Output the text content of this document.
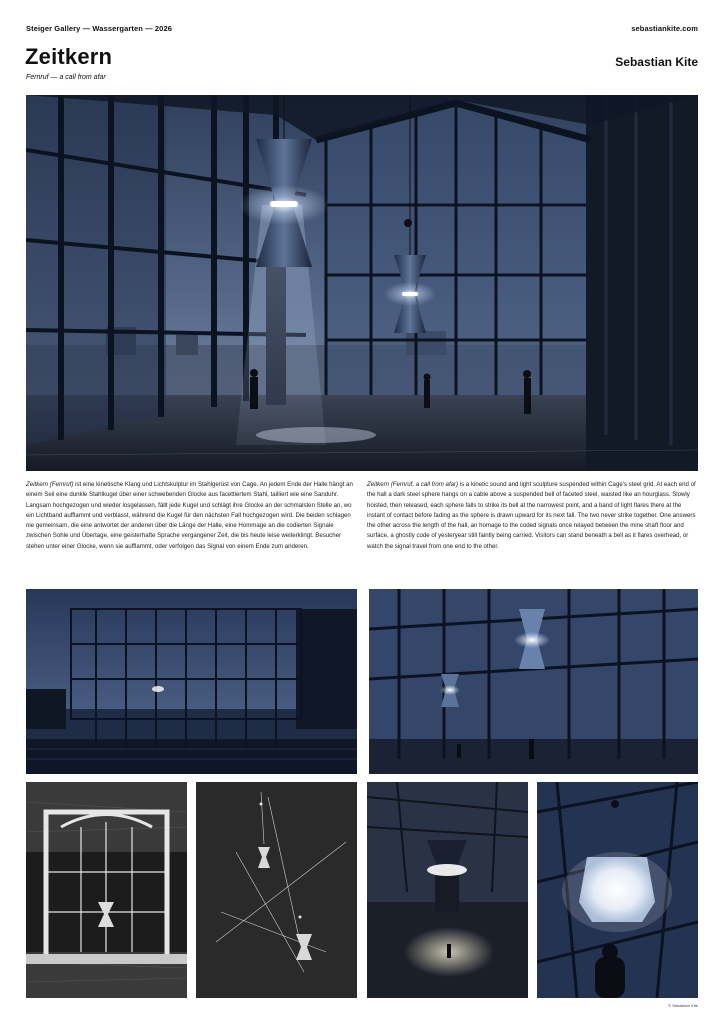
Steiger Gallery — Wassergarten — 2026	sebastiankite.com
Zeitkern
Fernruf — a call from afar
Sebastian Kite
Zeitkern (Fernruf) ist eine kinetische Klang und Lichtskulptur im Stahlgerüst von Cage. An jedem Ende der Halle hängt an einem Seil eine dunkle Stahlkugel über einer schwebenden Glocke aus facettiertem Stahl, tailliert wie eine Sanduhr. Langsam hochgezogen und wieder losgelassen, fällt jede Kugel und schlägt ihre Glocke an der schmalsten Stelle an, wo ein Lichtband aufflammt und verblasst, während die Kugel für den nächsten Fall hochgezogen wird. Die beiden schlagen nie gemeinsam, die eine antwortet der anderen über die Länge der Halle, eine Hommage an die codierten Signale zwischen Sohle und Übertage, eine geisterhafte Sprache vergangener Zeit, die bis heute leise weiterklingt. Besucher stehen unter einer Glocke, wenn sie aufflammt, oder verfolgen das Signal von einem Ende zum anderen.
Zeitkern (Fernruf, a call from afar) is a kinetic sound and light sculpture suspended within Cage's steel grid. At each end of the hall a dark steel sphere hangs on a cable above a suspended bell of faceted steel, waisted like an hourglass. Slowly hoisted, then released, each sphere falls to strike its bell at the narrowest point, and a band of light flares there at the instant of contact before fading as the sphere is drawn upward for its next fall. The two never strike together. One answers the other across the length of the hall, an homage to the coded signals once relayed between the mine shaft floor and surface, a ghostly code of yesteryear still faintly being carried. Visitors can stand beneath a bell as it flares overhead, or watch the signal travel from one end to the other.
© Sebastian Kite
